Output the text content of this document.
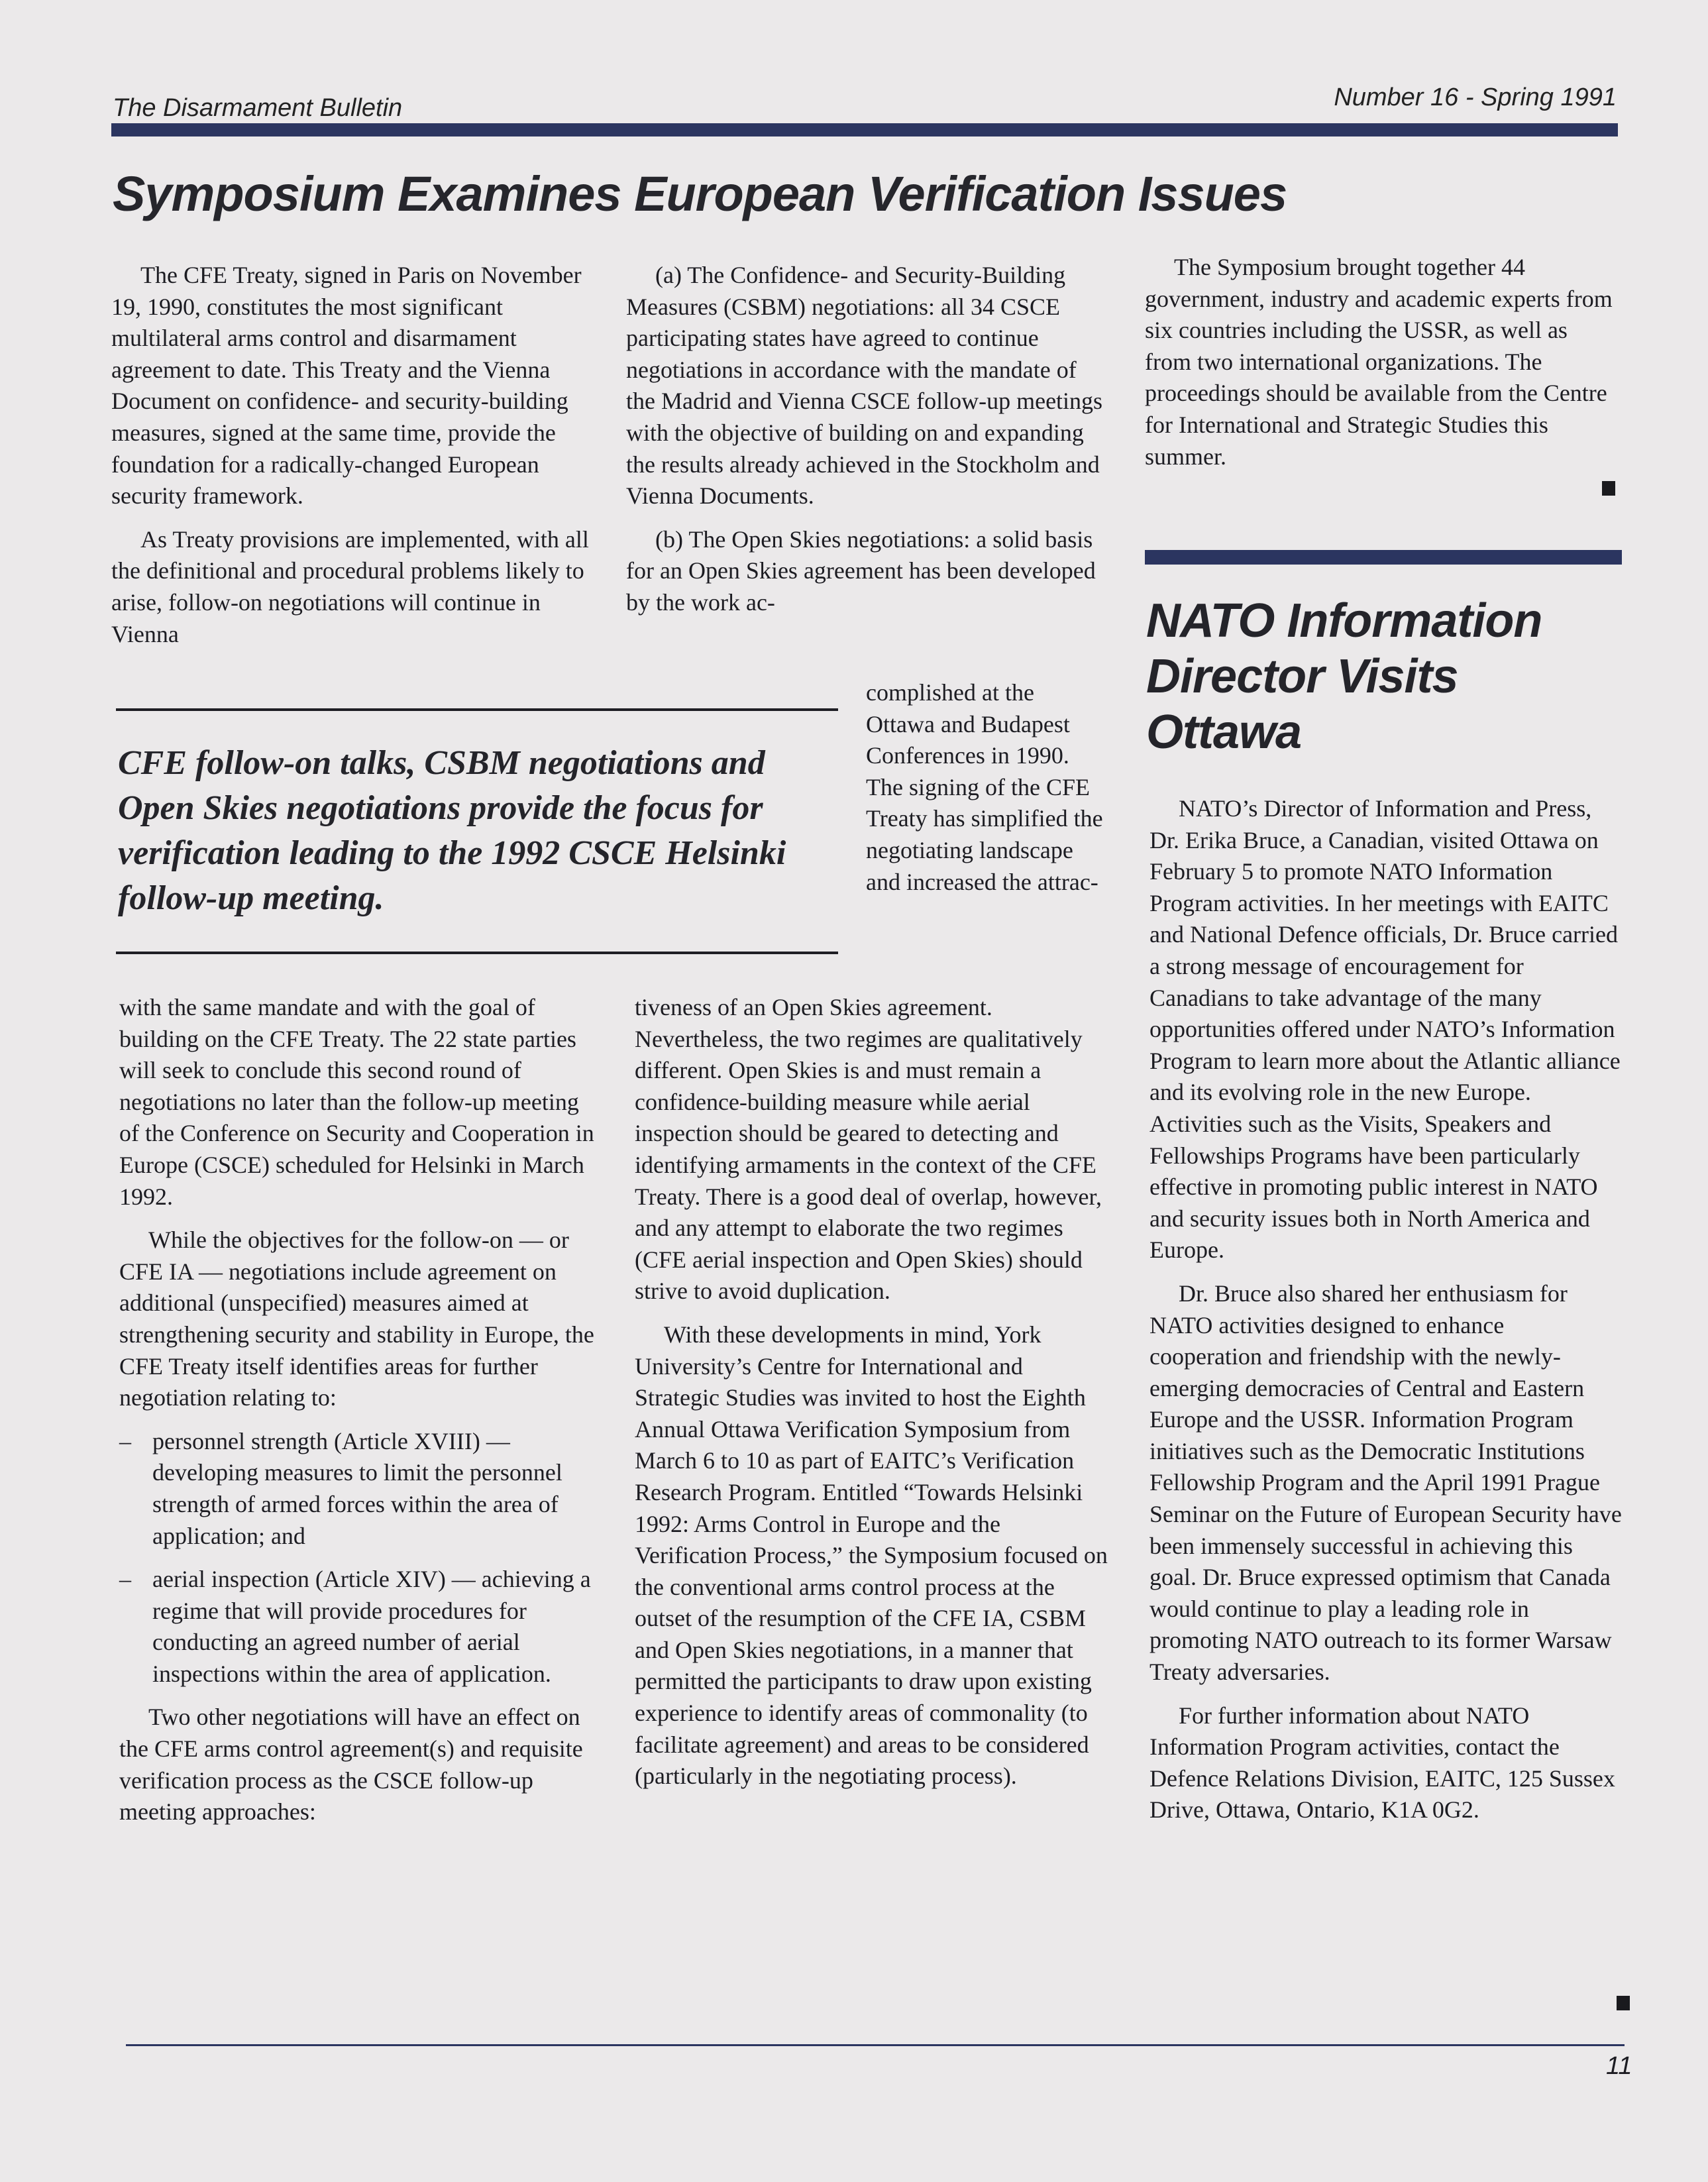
The Disarmament Bulletin	Number 16 - Spring 1991
Symposium Examines European Verification Issues

The CFE Treaty, signed in Paris on November 19, 1990, constitutes the most significant multilateral arms control and disarmament agreement to date. This Treaty and the Vienna Document on confidence- and security-building measures, signed at the same time, provide the foundation for a radically-changed European security framework.

As Treaty provisions are implemented, with all the definitional and procedural problems likely to arise, follow-on negotiations will continue in Vienna

CFE follow-on talks, CSBM negotiations and Open Skies negotiations provide the focus for verification leading to the 1992 CSCE Helsinki follow-up meeting.

with the same mandate and with the goal of building on the CFE Treaty. The 22 state parties will seek to conclude this second round of negotiations no later than the follow-up meeting of the Conference on Security and Cooperation in Europe (CSCE) scheduled for Helsinki in March 1992.

While the objectives for the follow-on — or CFE IA — negotiations include agreement on additional (unspecified) measures aimed at strengthening security and stability in Europe, the CFE Treaty itself identifies areas for further negotiation relating to:

– personnel strength (Article XVIII) — developing measures to limit the personnel strength of armed forces within the area of application; and
– aerial inspection (Article XIV) — achieving a regime that will provide procedures for conducting an agreed number of aerial inspections within the area of application.

Two other negotiations will have an effect on the CFE arms control agreement(s) and requisite verification process as the CSCE follow-up meeting approaches:

(a) The Confidence- and Security-Building Measures (CSBM) negotiations: all 34 CSCE participating states have agreed to continue negotiations in accordance with the mandate of the Madrid and Vienna CSCE follow-up meetings with the objective of building on and expanding the results already achieved in the Stockholm and Vienna Documents.

(b) The Open Skies negotiations: a solid basis for an Open Skies agreement has been developed by the work ac-

complished at the Ottawa and Budapest Conferences in 1990. The signing of the CFE Treaty has simplified the negotiating landscape and increased the attrac-

tiveness of an Open Skies agreement. Nevertheless, the two regimes are qualitatively different. Open Skies is and must remain a confidence-building measure while aerial inspection should be geared to detecting and identifying armaments in the context of the CFE Treaty. There is a good deal of overlap, however, and any attempt to elaborate the two regimes (CFE aerial inspection and Open Skies) should strive to avoid duplication.

With these developments in mind, York University’s Centre for International and Strategic Studies was invited to host the Eighth Annual Ottawa Verification Symposium from March 6 to 10 as part of EAITC’s Verification Research Program. Entitled “Towards Helsinki 1992: Arms Control in Europe and the Verification Process,” the Symposium focused on the conventional arms control process at the outset of the resumption of the CFE IA, CSBM and Open Skies negotiations, in a manner that permitted the participants to draw upon existing experience to identify areas of commonality (to facilitate agreement) and areas to be considered (particularly in the negotiating process).

The Symposium brought together 44 government, industry and academic experts from six countries including the USSR, as well as from two international organizations. The proceedings should be available from the Centre for International and Strategic Studies this summer.

NATO Information Director Visits Ottawa

NATO’s Director of Information and Press, Dr. Erika Bruce, a Canadian, visited Ottawa on February 5 to promote NATO Information Program activities. In her meetings with EAITC and National Defence officials, Dr. Bruce carried a strong message of encouragement for Canadians to take advantage of the many opportunities offered under NATO’s Information Program to learn more about the Atlantic alliance and its evolving role in the new Europe. Activities such as the Visits, Speakers and Fellowships Programs have been particularly effective in promoting public interest in NATO and security issues both in North America and Europe.

Dr. Bruce also shared her enthusiasm for NATO activities designed to enhance cooperation and friendship with the newly-emerging democracies of Central and Eastern Europe and the USSR. Information Program initiatives such as the Democratic Institutions Fellowship Program and the April 1991 Prague Seminar on the Future of European Security have been immensely successful in achieving this goal. Dr. Bruce expressed optimism that Canada would continue to play a leading role in promoting NATO outreach to its former Warsaw Treaty adversaries.

For further information about NATO Information Program activities, contact the Defence Relations Division, EAITC, 125 Sussex Drive, Ottawa, Ontario, K1A 0G2.

11
